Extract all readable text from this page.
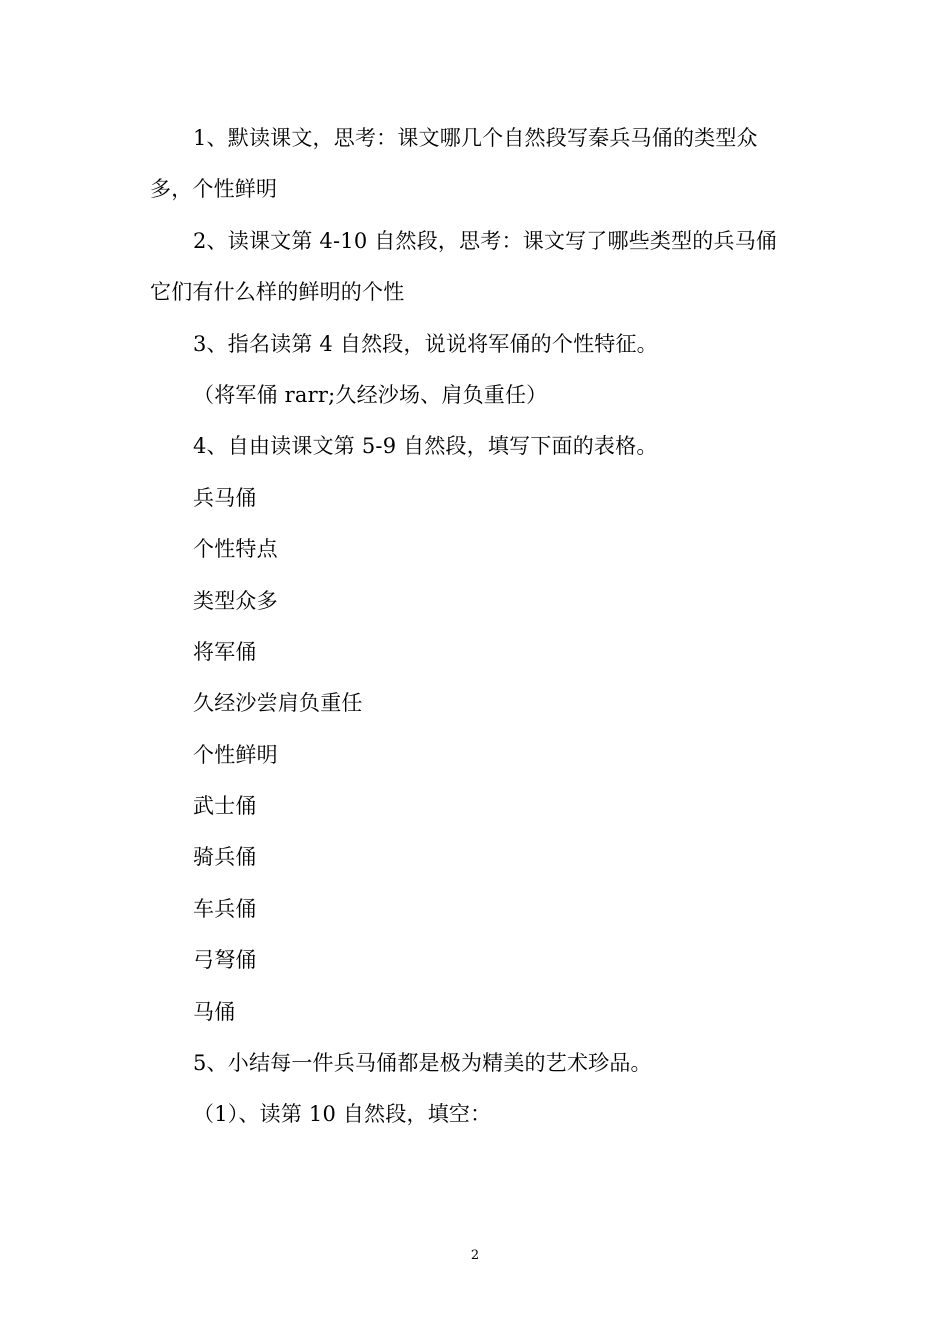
1、默读课文，思考：课文哪几个自然段写秦兵马俑的类型众
多，个性鲜明
2、读课文第 4-10 自然段，思考：课文写了哪些类型的兵马俑
它们有什么样的鲜明的个性
3、指名读第 4 自然段，说说将军俑的个性特征。
（将军俑 rarr;久经沙场、肩负重任）
4、自由读课文第 5-9 自然段，填写下面的表格。
兵马俑
个性特点
类型众多
将军俑
久经沙尝肩负重任
个性鲜明
武士俑
骑兵俑
车兵俑
弓弩俑
马俑
5、小结每一件兵马俑都是极为精美的艺术珍品。
（1）、读第 10 自然段，填空：
2
